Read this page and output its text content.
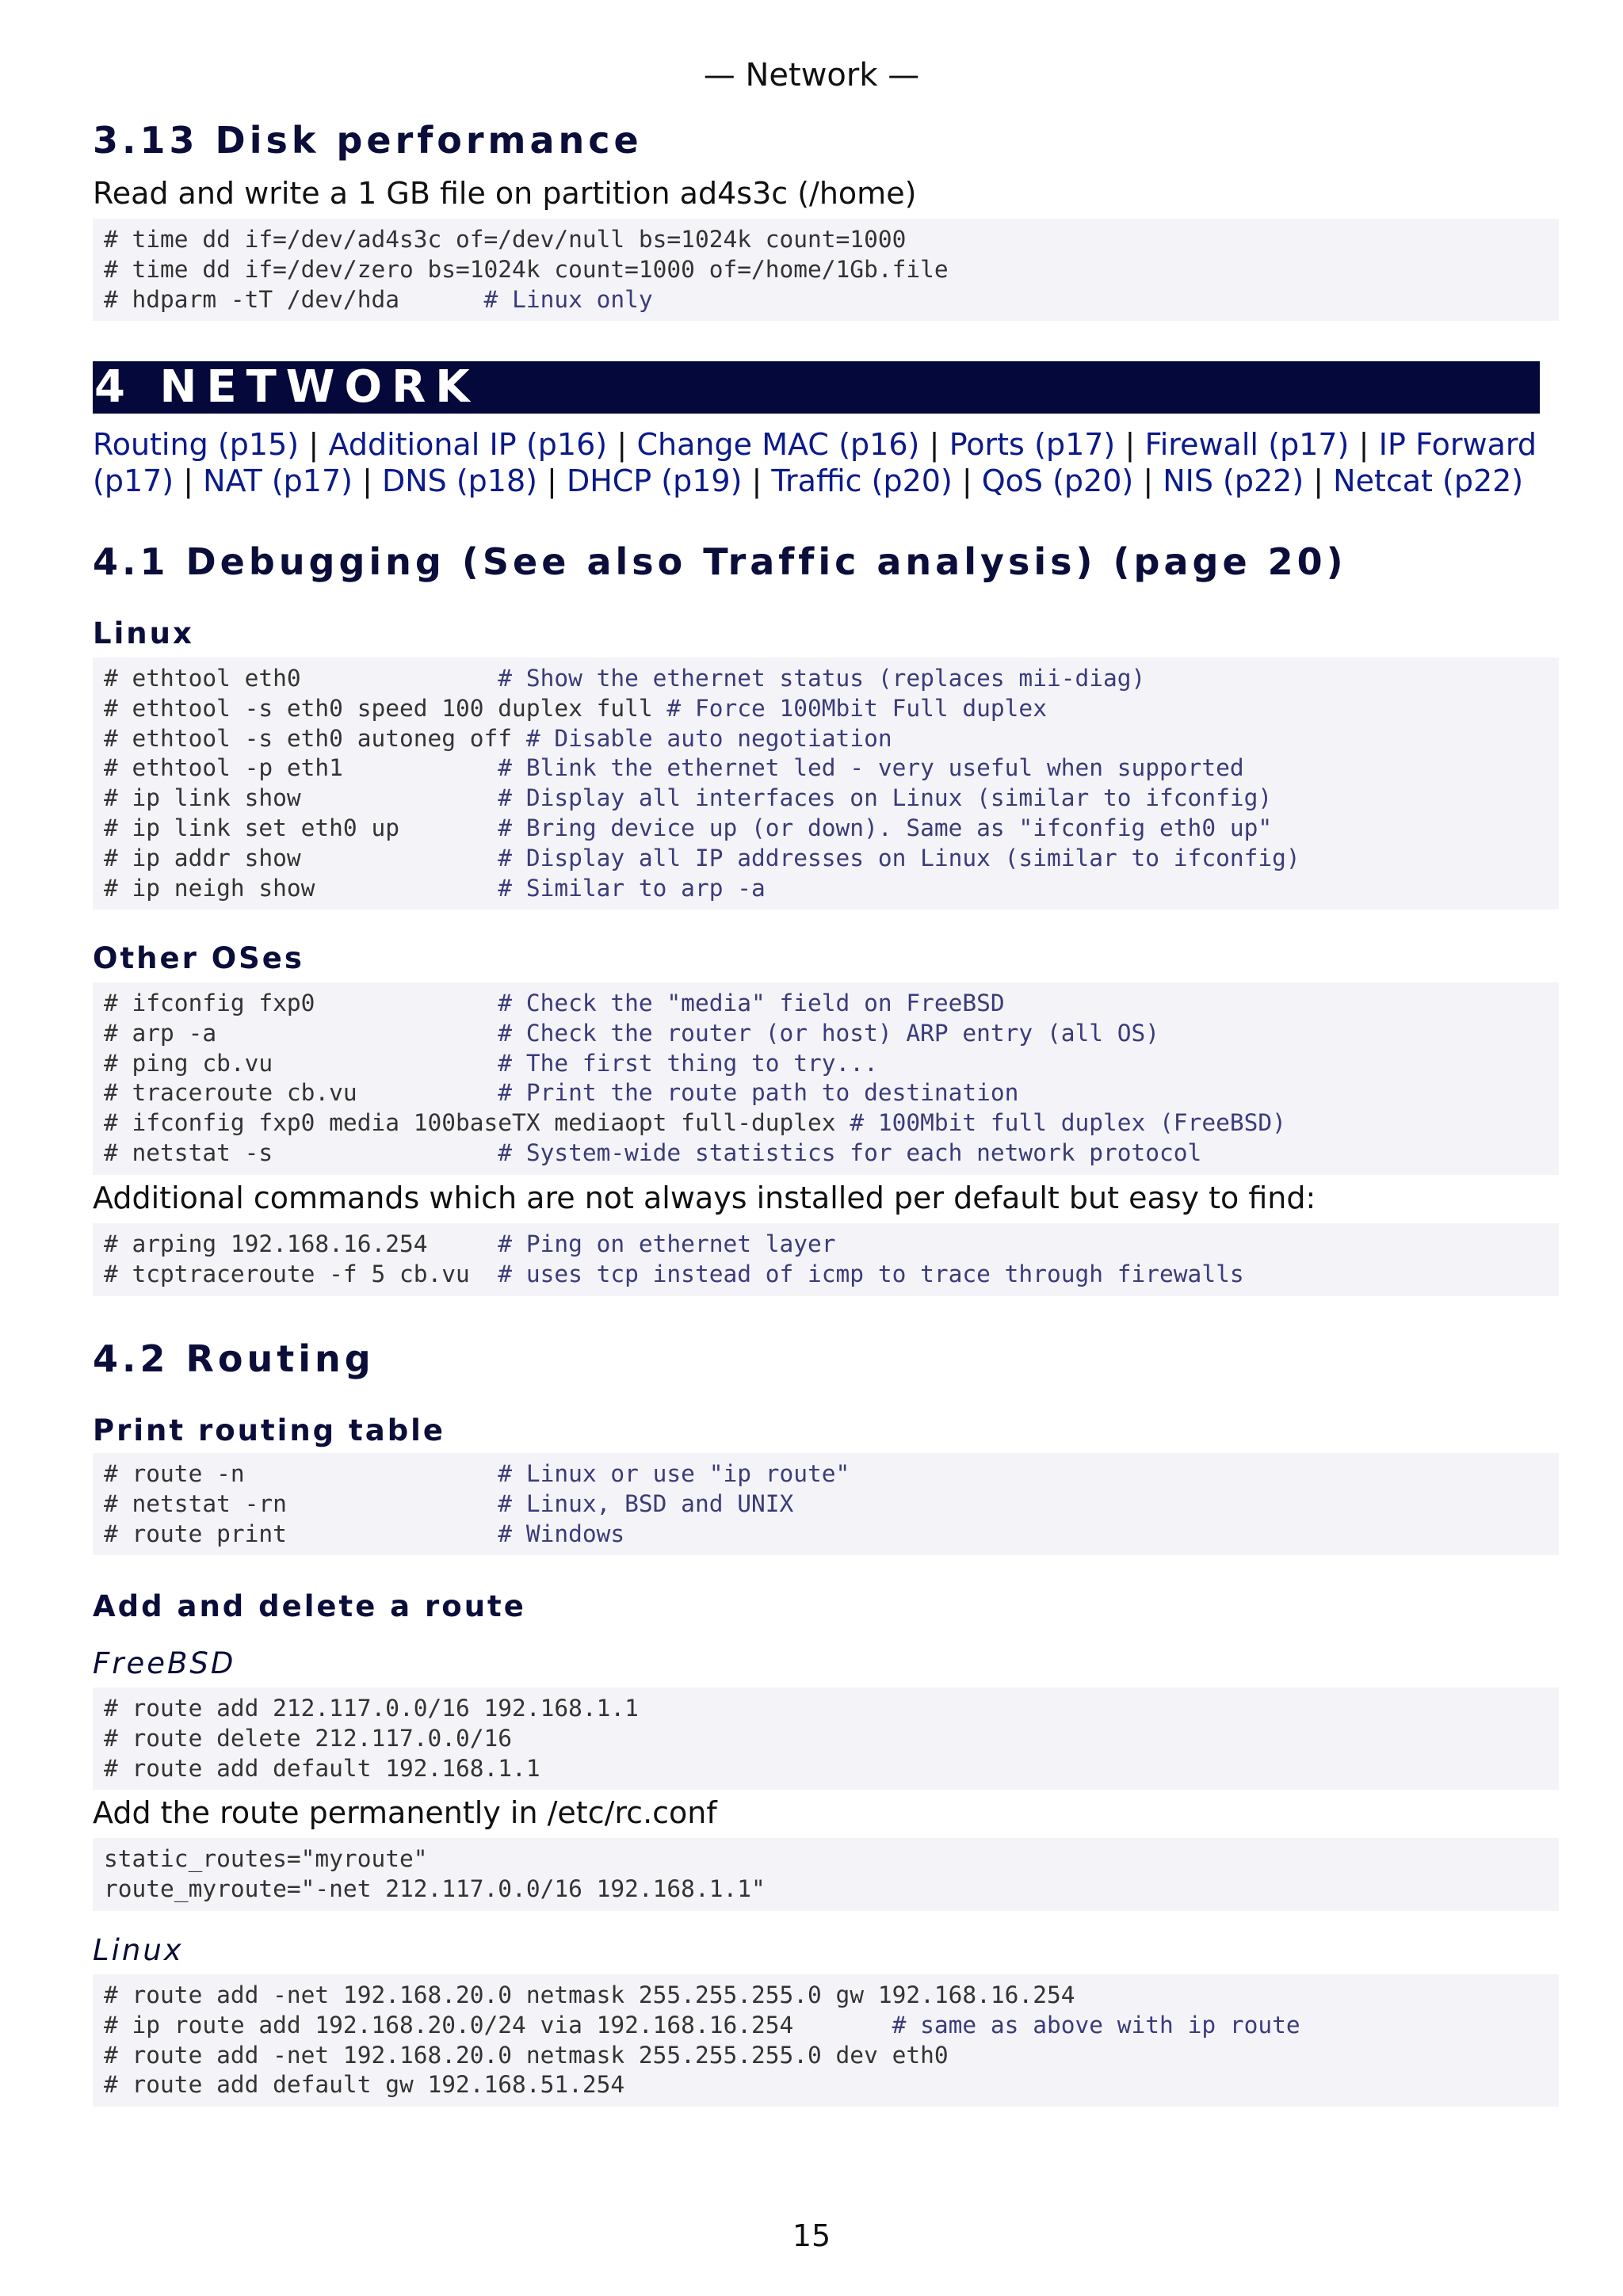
— Network —
3.13 Disk performance
Read and write a 1 GB file on partition ad4s3c (/home)
# time dd if=/dev/ad4s3c of=/dev/null bs=1024k count=1000
# time dd if=/dev/zero bs=1024k count=1000 of=/home/1Gb.file
# hdparm -tT /dev/hda      # Linux only
4 NETWORK
Routing (p15) | Additional IP (p16) | Change MAC (p16) | Ports (p17) | Firewall (p17) | IP Forward (p17) | NAT (p17) | DNS (p18) | DHCP (p19) | Traffic (p20) | QoS (p20) | NIS (p22) | Netcat (p22)
4.1 Debugging (See also Traffic analysis) (page 20)
Linux
# ethtool eth0              # Show the ethernet status (replaces mii-diag)
# ethtool -s eth0 speed 100 duplex full # Force 100Mbit Full duplex
# ethtool -s eth0 autoneg off # Disable auto negotiation
# ethtool -p eth1           # Blink the ethernet led - very useful when supported
# ip link show              # Display all interfaces on Linux (similar to ifconfig)
# ip link set eth0 up       # Bring device up (or down). Same as "ifconfig eth0 up"
# ip addr show              # Display all IP addresses on Linux (similar to ifconfig)
# ip neigh show             # Similar to arp -a
Other OSes
# ifconfig fxp0             # Check the "media" field on FreeBSD
# arp -a                    # Check the router (or host) ARP entry (all OS)
# ping cb.vu                # The first thing to try...
# traceroute cb.vu          # Print the route path to destination
# ifconfig fxp0 media 100baseTX mediaopt full-duplex # 100Mbit full duplex (FreeBSD)
# netstat -s                # System-wide statistics for each network protocol
Additional commands which are not always installed per default but easy to find:
# arping 192.168.16.254     # Ping on ethernet layer
# tcptraceroute -f 5 cb.vu  # uses tcp instead of icmp to trace through firewalls
4.2 Routing
Print routing table
# route -n                  # Linux or use "ip route"
# netstat -rn               # Linux, BSD and UNIX
# route print               # Windows
Add and delete a route
FreeBSD
# route add 212.117.0.0/16 192.168.1.1
# route delete 212.117.0.0/16
# route add default 192.168.1.1
Add the route permanently in /etc/rc.conf
static_routes="myroute"
route_myroute="-net 212.117.0.0/16 192.168.1.1"
Linux
# route add -net 192.168.20.0 netmask 255.255.255.0 gw 192.168.16.254
# ip route add 192.168.20.0/24 via 192.168.16.254       # same as above with ip route
# route add -net 192.168.20.0 netmask 255.255.255.0 dev eth0
# route add default gw 192.168.51.254
15
